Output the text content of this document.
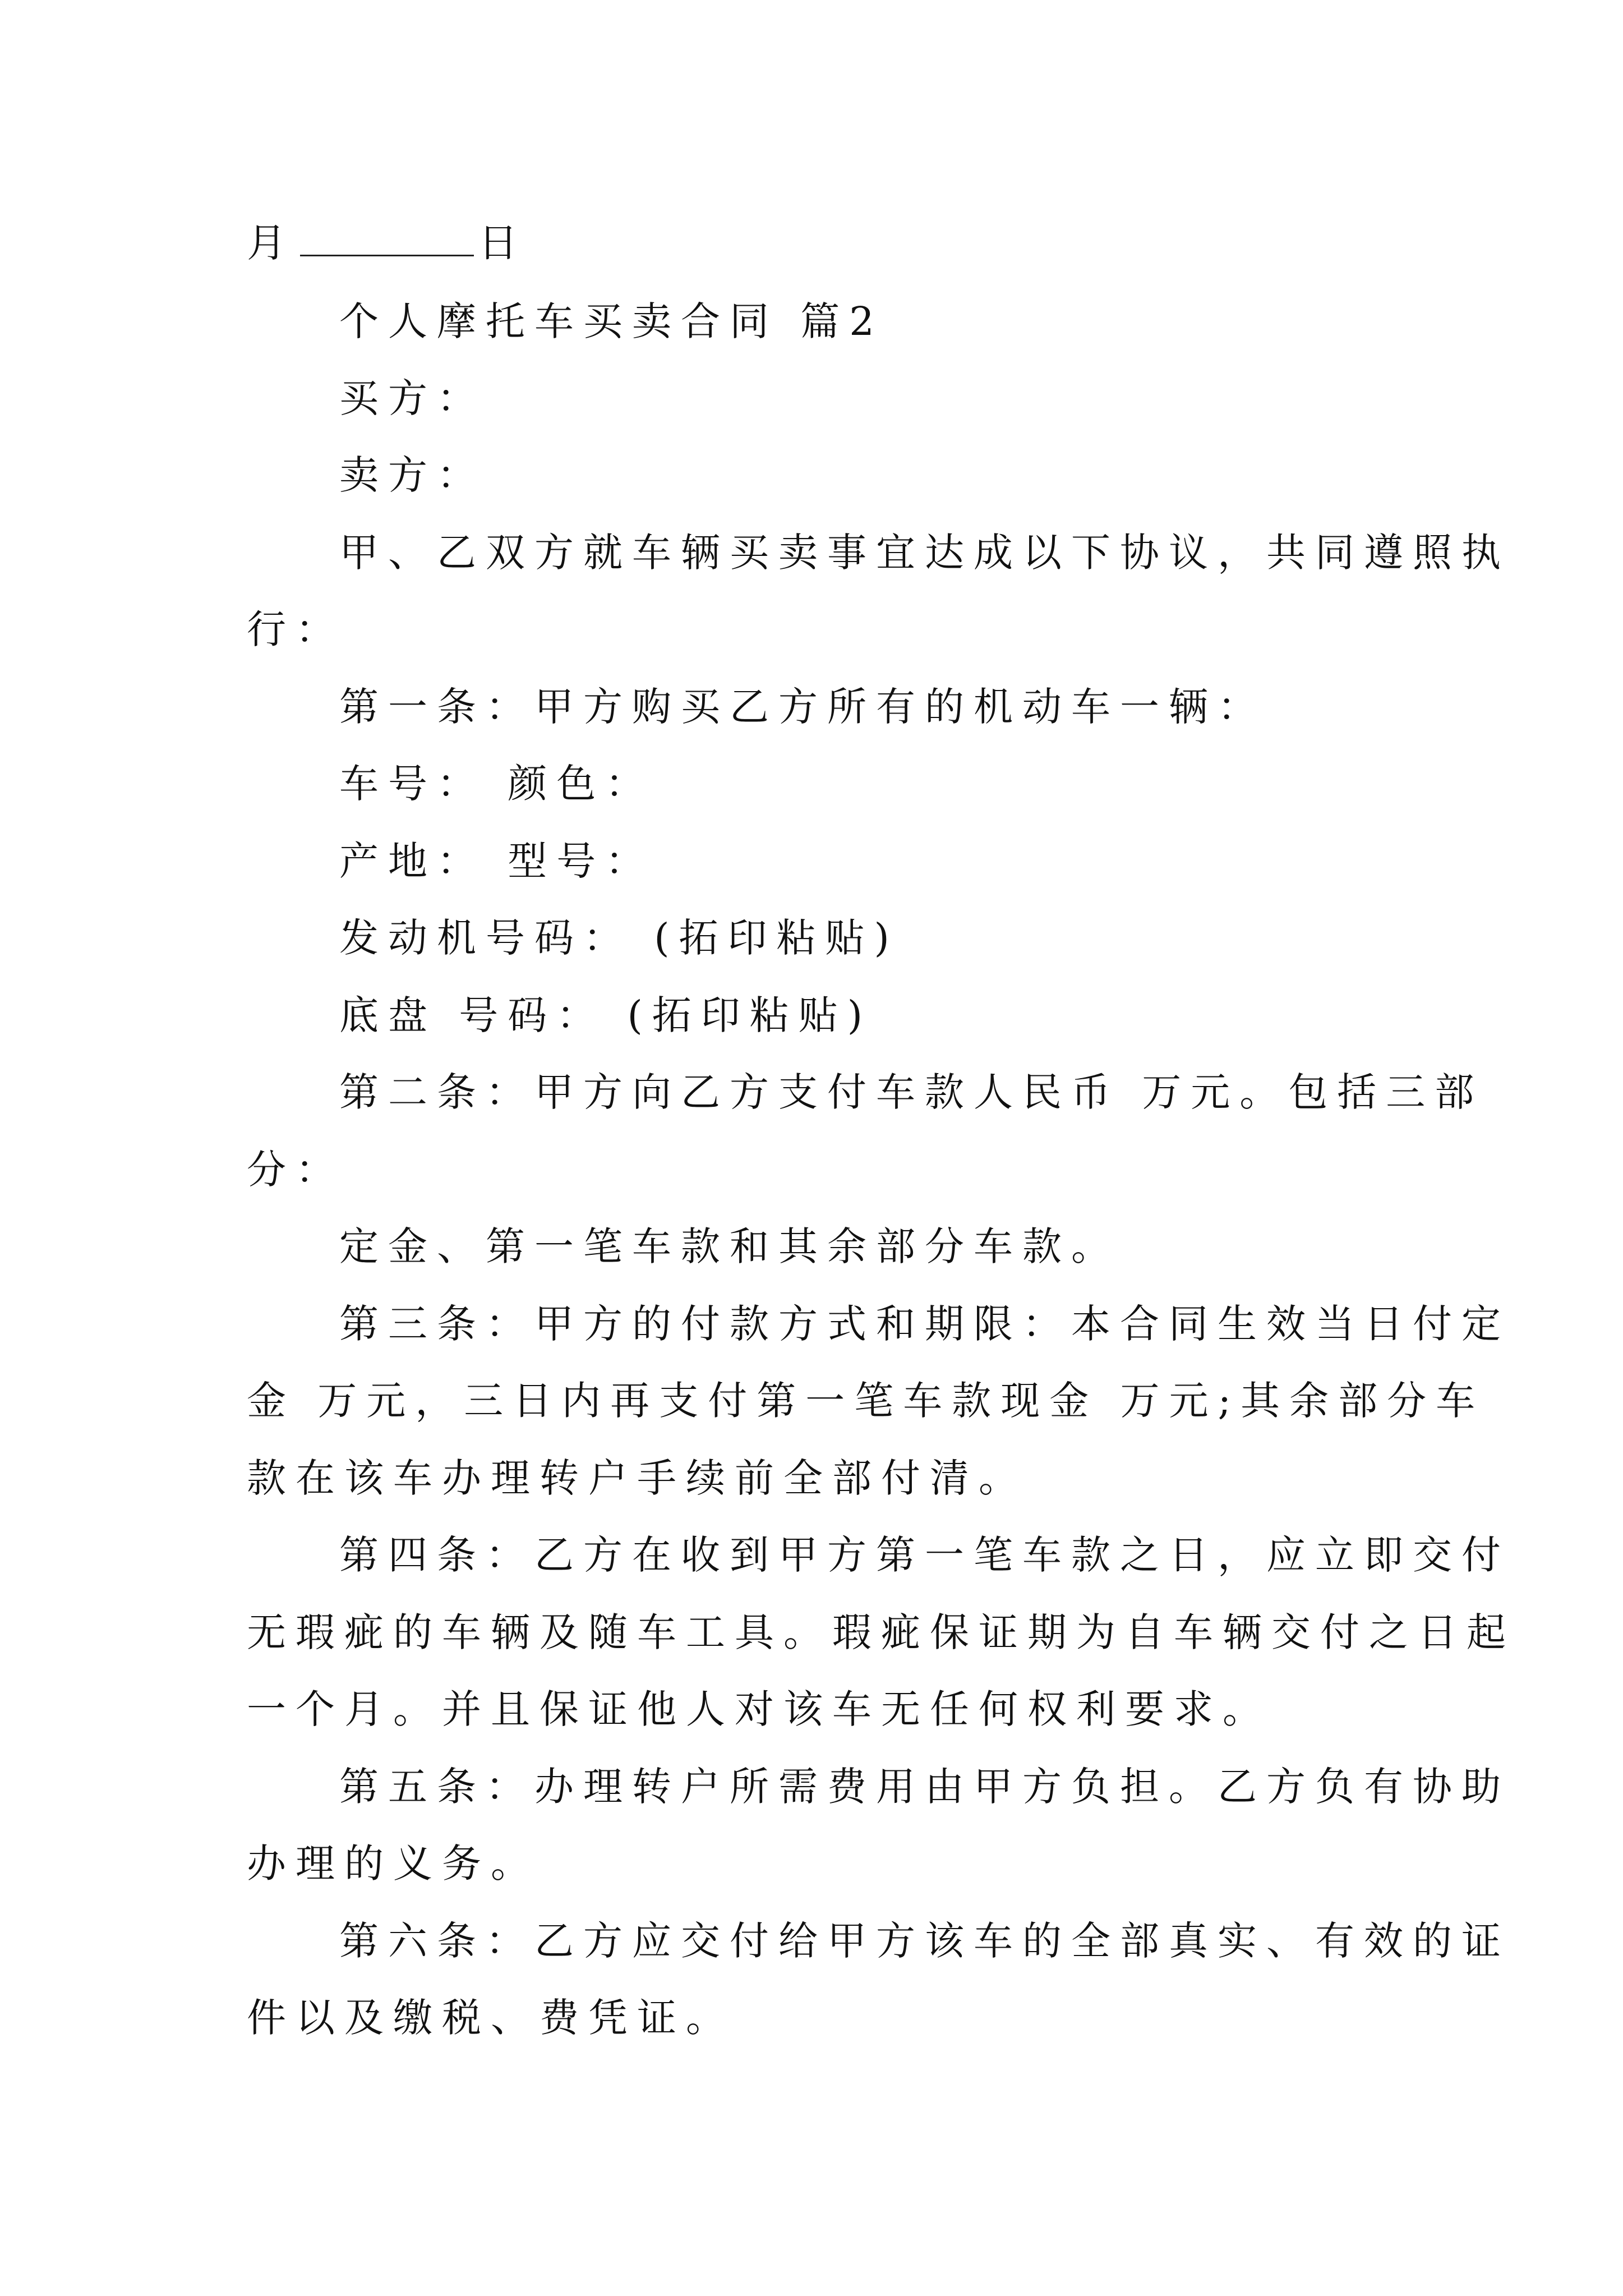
月	日
个人摩托车买卖合同 篇2
买方：
卖方：
甲、乙双方就车辆买卖事宜达成以下协议，共同遵照执
行：
第一条：甲方购买乙方所有的机动车一辆：
车号： 颜色：
产地： 型号：
发动机号码： (拓印粘贴)
底盘 号码： (拓印粘贴)
第二条：甲方向乙方支付车款人民币 万元。包括三部
分：
定金、第一笔车款和其余部分车款。
第三条：甲方的付款方式和期限：本合同生效当日付定
金 万元，三日内再支付第一笔车款现金 万元;其余部分车
款在该车办理转户手续前全部付清。
第四条：乙方在收到甲方第一笔车款之日，应立即交付
无瑕疵的车辆及随车工具。瑕疵保证期为自车辆交付之日起
一个月。并且保证他人对该车无任何权利要求。
第五条：办理转户所需费用由甲方负担。乙方负有协助
办理的义务。
第六条：乙方应交付给甲方该车的全部真实、有效的证
件以及缴税、费凭证。
